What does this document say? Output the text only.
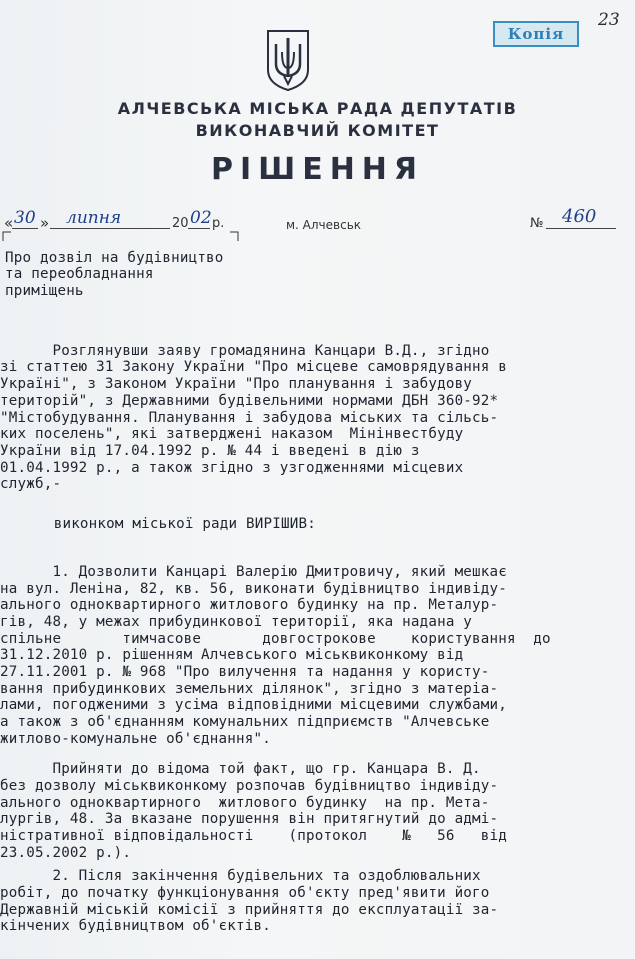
Копія
23
АЛЧЕВСЬКА МІСЬКА РАДА ДЕПУТАТІВ
ВИКОНАВЧИЙ КОМІТЕТ
РІШЕННЯ
« 30 » липня	20 02 р.	м. Алчевськ	№ 460
Про дозвіл на будівництво
та переобладнання
приміщень
Розглянувши заяву громадянина Канцари В.Д., згідно
зі статтею 31 Закону України "Про місцеве самоврядування в
Україні", з Законом України "Про планування і забудову
територій", з Державними будівельними нормами ДБН 360-92*
"Містобудування. Планування і забудова міських та сільсь-
ких поселень", які затверджені наказом  Мінінвестбуду
України від 17.04.1992 р. № 44 і введені в дію з
01.04.1992 р., а також згідно з узгодженнями місцевих
служб,-
виконком міської ради ВИРІШИВ:
1. Дозволити Канцарі Валерію Дмитровичу, який мешкає
на вул. Леніна, 82, кв. 56, виконати будівництво індивіду-
ального одноквартирного житлового будинку на пр. Металур-
гів, 48, у межах прибудинкової території, яка надана у
спільне       тимчасове       довгострокове    користування  до
31.12.2010 р. рішенням Алчевського міськвиконкому від
27.11.2001 р. № 968 "Про вилучення та надання у користу-
вання прибудинкових земельних ділянок", згідно з матеріа-
лами, погодженими з усіма відповідними місцевими службами,
а також з об'єднанням комунальних підприємств "Алчевське
житлово-комунальне об'єднання".
Прийняти до відома той факт, що гр. Канцара В. Д.
без дозволу міськвиконкому розпочав будівництво індивіду-
ального одноквартирного  житлового будинку  на пр. Мета-
лургів, 48. За вказане порушення він притягнутий до адмі-
ністративної відповідальності    (протокол    №   56   від
23.05.2002 р.).
2. Після закінчення будівельних та оздоблювальних
робіт, до початку функціонування об'єкту пред'явити його
Державній міській комісії з прийняття до експлуатації за-
кінчених будівництвом об'єктів.
